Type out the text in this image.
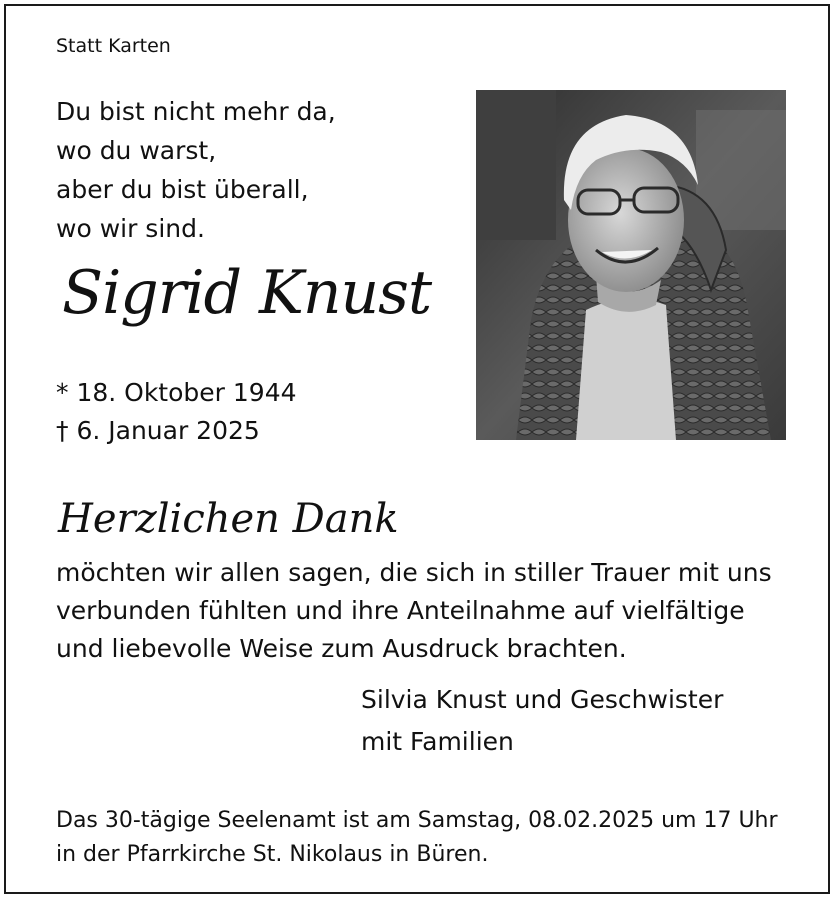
Statt Karten
Du bist nicht mehr da,
wo du warst,
aber du bist überall,
wo wir sind.
Sigrid Knust
* 18. Oktober 1944
† 6. Januar 2025
Herzlichen Dank
möchten wir allen sagen, die sich in stiller Trauer mit uns
verbunden fühlten und ihre Anteilnahme auf vielfältige
und liebevolle Weise zum Ausdruck brachten.
Silvia Knust und Geschwister
mit Familien
Das 30-tägige Seelenamt ist am Samstag, 08.02.2025 um 17 Uhr
in der Pfarrkirche St. Nikolaus in Büren.
